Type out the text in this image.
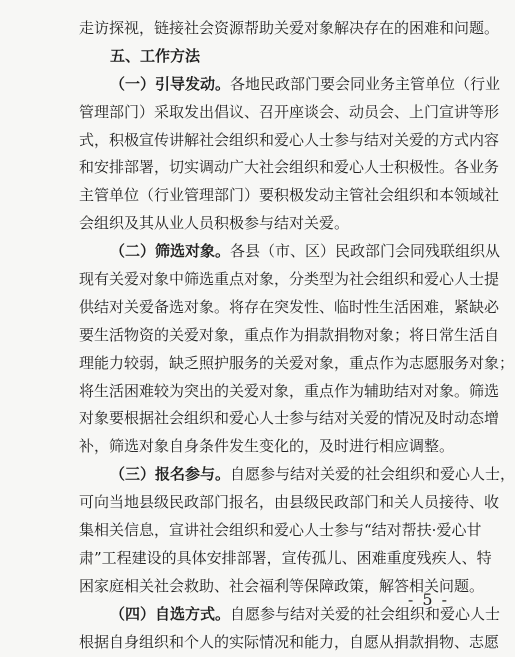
走访探视，链接社会资源帮助关爱对象解决存在的困难和问题。
五、工作方法
（一）引导发动。各地民政部门要会同业务主管单位（行业
管理部门）采取发出倡议、召开座谈会、动员会、上门宣讲等形
式，积极宣传讲解社会组织和爱心人士参与结对关爱的方式内容
和安排部署，切实调动广大社会组织和爱心人士积极性。各业务
主管单位（行业管理部门）要积极发动主管社会组织和本领域社
会组织及其从业人员积极参与结对关爱。
（二）筛选对象。各县（市、区）民政部门会同残联组织从
现有关爱对象中筛选重点对象，分类型为社会组织和爱心人士提
供结对关爱备选对象。将存在突发性、临时性生活困难，紧缺必
要生活物资的关爱对象，重点作为捐款捐物对象；将日常生活自
理能力较弱，缺乏照护服务的关爱对象，重点作为志愿服务对象；
将生活困难较为突出的关爱对象，重点作为辅助结对对象。筛选
对象要根据社会组织和爱心人士参与结对关爱的情况及时动态增
补，筛选对象自身条件发生变化的，及时进行相应调整。
（三）报名参与。自愿参与结对关爱的社会组织和爱心人士，
可向当地县级民政部门报名，由县级民政部门和关人员接待、收
集相关信息，宣讲社会组织和爱心人士参与“结对帮扶·爱心甘
肃”工程建设的具体安排部署，宣传孤儿、困难重度残疾人、特
困家庭相关社会救助、社会福利等保障政策，解答相关问题。
（四）自选方式。自愿参与结对关爱的社会组织和爱心人士
根据自身组织和个人的实际情况和能力，自愿从捐款捐物、志愿
- 5 -
